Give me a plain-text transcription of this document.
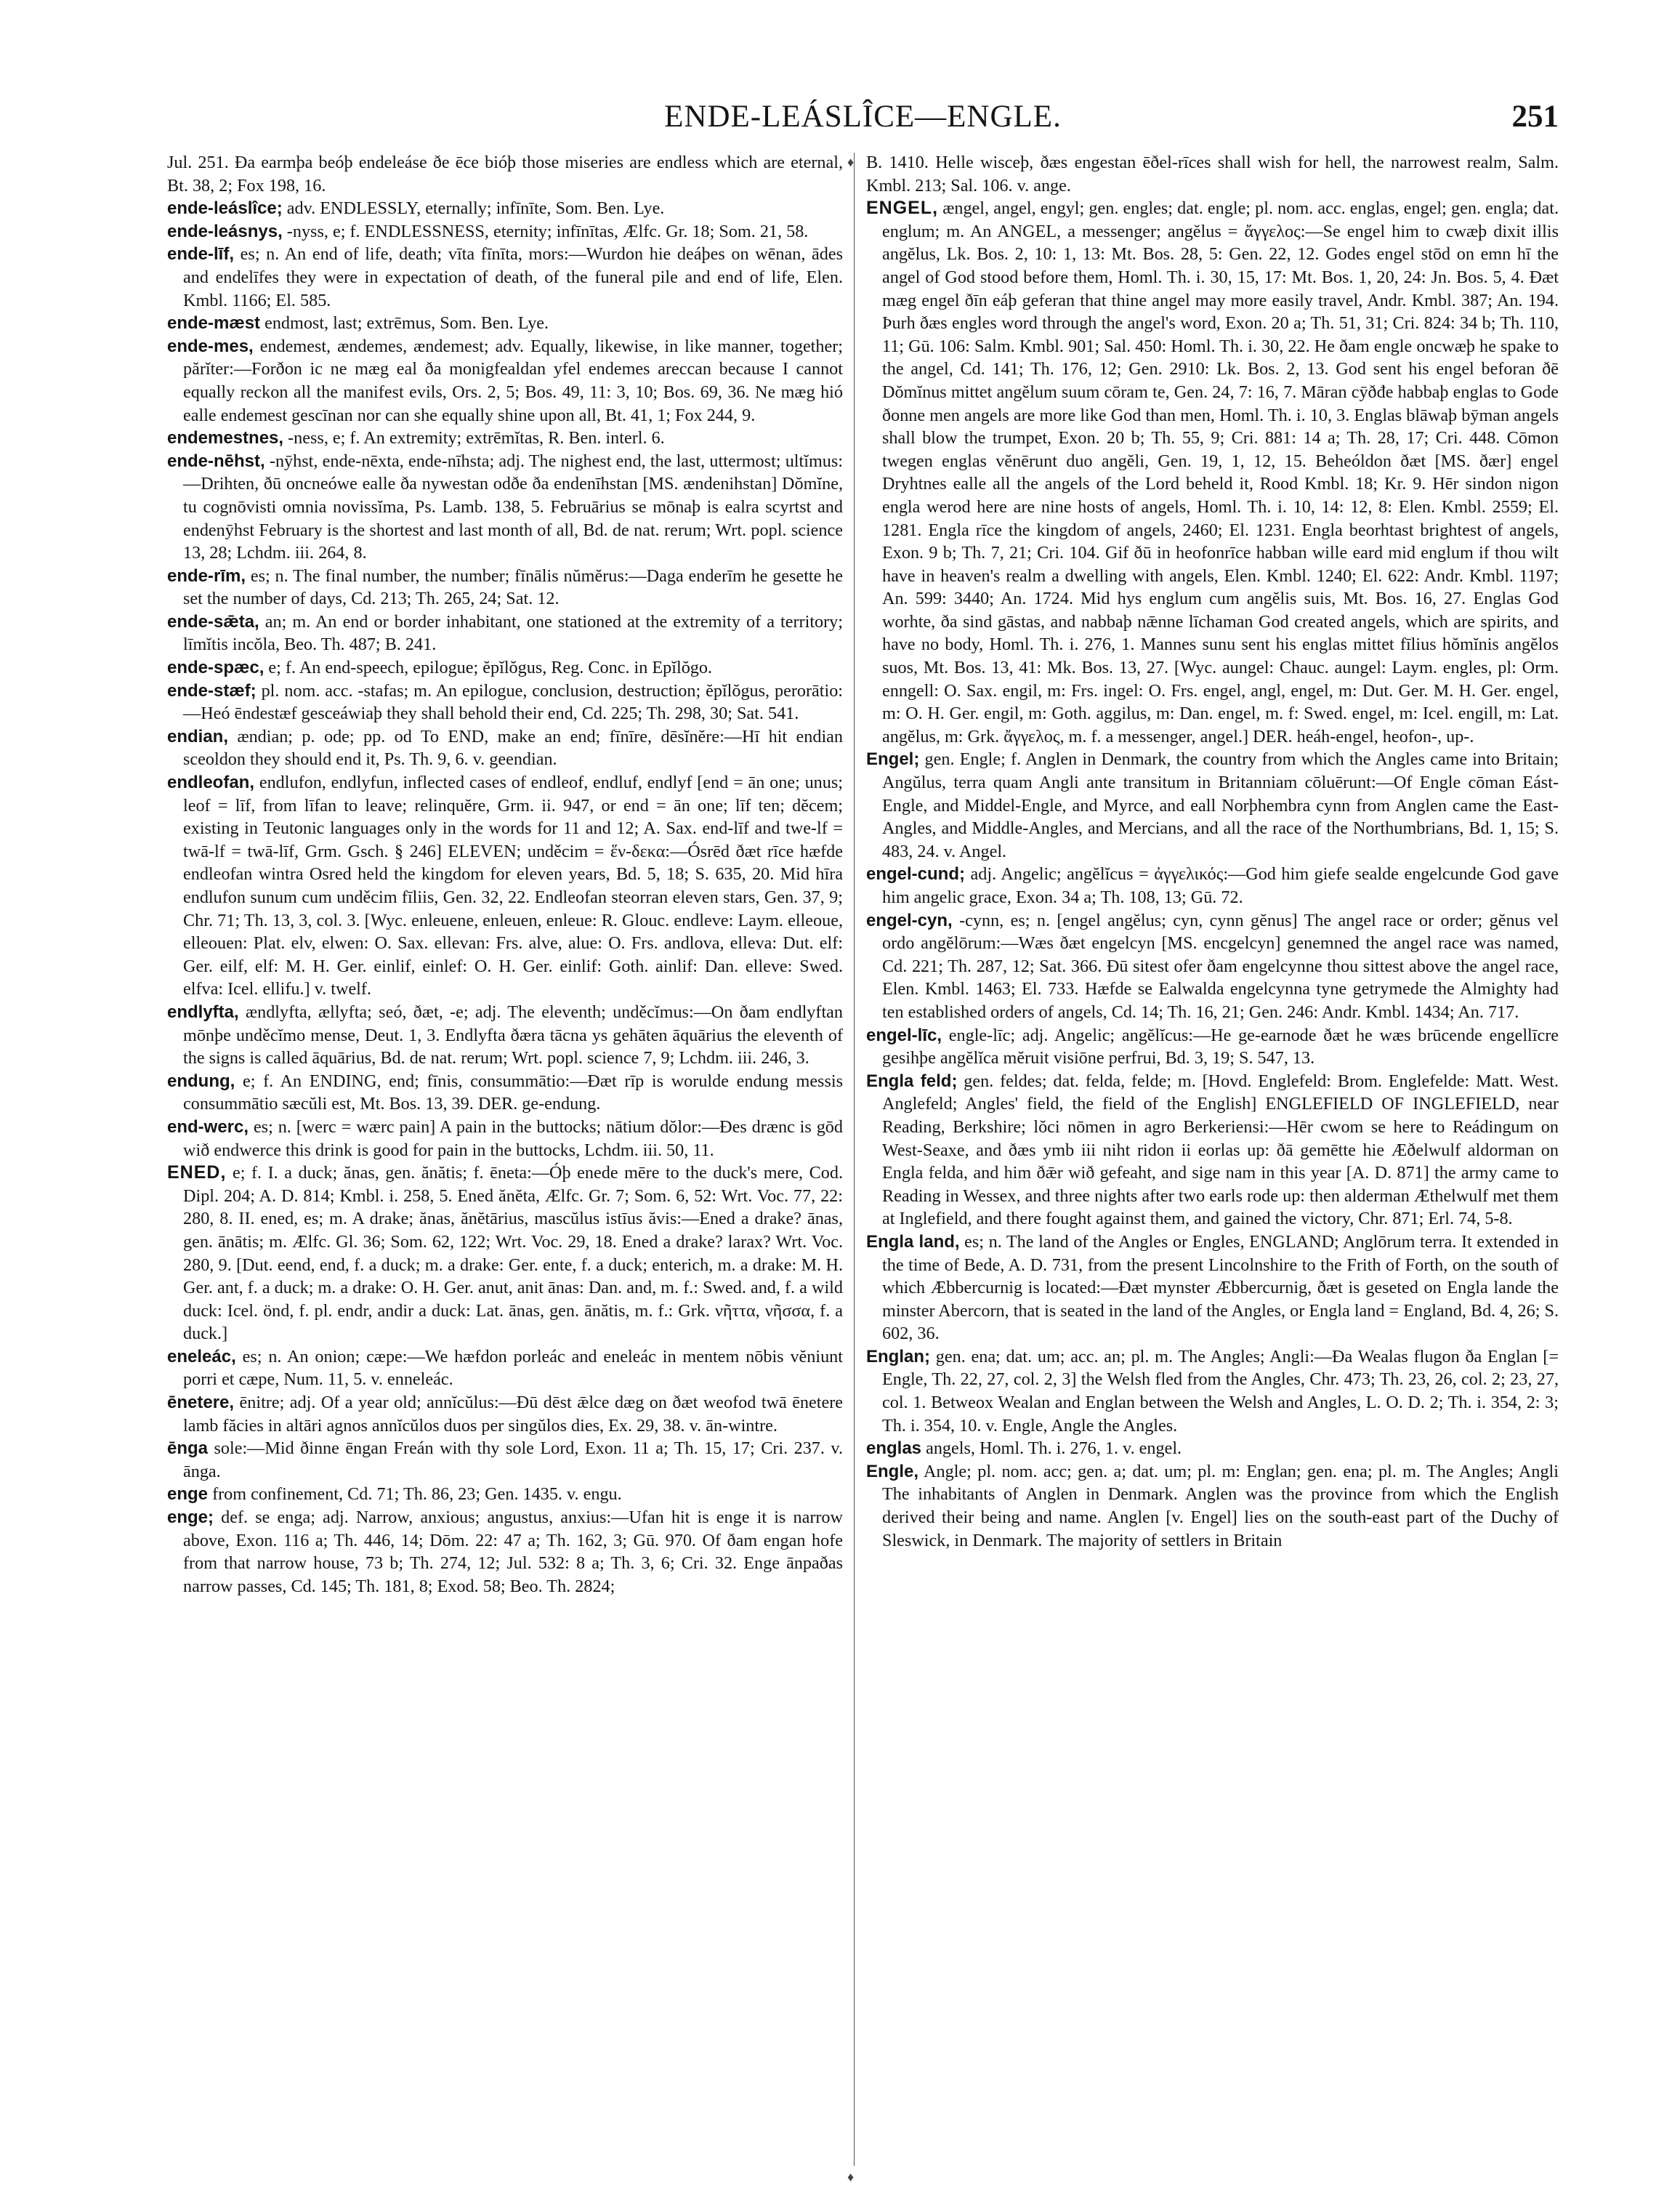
ENDE-LEÁSLÎCE—ENGLE.	251
♦
♦

Jul. 251. Ða earmþa beóþ endeleáse ðe ēce bióþ those miseries are endless which are eternal, Bt. 38, 2; Fox 198, 16.

ende-leáslîce; adv. ENDLESSLY, eternally; infīnīte, Som. Ben. Lye.

ende-leásnys, -nyss, e; f. ENDLESSNESS, eternity; infīnītas, Ælfc. Gr. 18; Som. 21, 58.

ende-līf, es; n. An end of life, death; vīta fīnīta, mors:—Wurdon hie deáþes on wēnan, ādes and endelīfes they were in expectation of death, of the funeral pile and end of life, Elen. Kmbl. 1166; El. 585.

ende-mæst endmost, last; extrēmus, Som. Ben. Lye.

ende-mes, endemest, ændemes, ændemest; adv. Equally, likewise, in like manner, together; părĭter:—Forðon ic ne mæg eal ða monigfealdan yfel endemes areccan because I cannot equally reckon all the manifest evils, Ors. 2, 5; Bos. 49, 11: 3, 10; Bos. 69, 36. Ne mæg hió ealle endemest gescīnan nor can she equally shine upon all, Bt. 41, 1; Fox 244, 9.

endemestnes, -ness, e; f. An extremity; extrēmĭtas, R. Ben. interl. 6.

ende-nēhst, -nȳhst, ende-nēxta, ende-nīhsta; adj. The nighest end, the last, uttermost; ultĭmus:—Drihten, ðū oncneówe ealle ða nywestan odðe ða endenīhstan [MS. ændenihstan] Dŏmĭne, tu cognōvisti omnia novissĭma, Ps. Lamb. 138, 5. Februārius se mōnaþ is ealra scyrtst and endenȳhst February is the shortest and last month of all, Bd. de nat. rerum; Wrt. popl. science 13, 28; Lchdm. iii. 264, 8.

ende-rīm, es; n. The final number, the number; fīnālis nŭmĕrus:—Daga enderīm he gesette he set the number of days, Cd. 213; Th. 265, 24; Sat. 12.

ende-sǣta, an; m. An end or border inhabitant, one stationed at the extremity of a territory; līmĭtis incŏla, Beo. Th. 487; B. 241.

ende-spæc, e; f. An end-speech, epilogue; ĕpĭlŏgus, Reg. Conc. in Epĭlŏgo.

ende-stæf; pl. nom. acc. -stafas; m. An epilogue, conclusion, destruction; ĕpĭlŏgus, perorātio:—Heó ēndestæf gesceáwiaþ they shall behold their end, Cd. 225; Th. 298, 30; Sat. 541.

endian, ændian; p. ode; pp. od To END, make an end; fīnīre, dēsĭnĕre:—Hī hit endian sceoldon they should end it, Ps. Th. 9, 6. v. geendian.

endleofan, endlufon, endlyfun, inflected cases of endleof, endluf, endlyf [end = ān one; unus; leof = līf, from līfan to leave; relinquĕre, Grm. ii. 947, or end = ān one; līf ten; dĕcem; existing in Teutonic languages only in the words for 11 and 12; A. Sax. end-līf and twe-lf = twā-lf = twā-līf, Grm. Gsch. § 246] ELEVEN; unděcim = ἕν-δεκα:—Ósrēd ðæt rīce hæfde endleofan wintra Osred held the kingdom for eleven years, Bd. 5, 18; S. 635, 20. Mid hīra endlufon sunum cum unděcim fīliis, Gen. 32, 22. Endleofan steorran eleven stars, Gen. 37, 9; Chr. 71; Th. 13, 3, col. 3. [Wyc. enleuene, enleuen, enleue: R. Glouc. endleve: Laym. elleoue, elleouen: Plat. elv, elwen: O. Sax. ellevan: Frs. alve, alue: O. Frs. andlova, elleva: Dut. elf: Ger. eilf, elf: M. H. Ger. einlif, einlef: O. H. Ger. einlif: Goth. ainlif: Dan. elleve: Swed. elfva: Icel. ellifu.] v. twelf.

endlyfta, ændlyfta, ællyfta; seó, ðæt, -e; adj. The eleventh; unděcĭmus:—On ðam endlyftan mōnþe unděcĭmo mense, Deut. 1, 3. Endlyfta ðæra tācna ys gehāten āquārius the eleventh of the signs is called āquārius, Bd. de nat. rerum; Wrt. popl. science 7, 9; Lchdm. iii. 246, 3.

endung, e; f. An ENDING, end; fīnis, consummātio:—Ðæt rīp is worulde endung messis consummātio sæcŭli est, Mt. Bos. 13, 39. DER. ge-endung.

end-werc, es; n. [werc = wærc pain] A pain in the buttocks; nātium dŏlor:—Ðes drænc is gōd wið endwerce this drink is good for pain in the buttocks, Lchdm. iii. 50, 11.

ENED, e; f. I. a duck; ănas, gen. ănătis; f. ēneta:—Óþ enede mēre to the duck's mere, Cod. Dipl. 204; A. D. 814; Kmbl. i. 258, 5. Ened ănĕta, Ælfc. Gr. 7; Som. 6, 52: Wrt. Voc. 77, 22: 280, 8. II. ened, es; m. A drake; ănas, ănĕtārius, mascŭlus istīus ăvis:—Ened a drake? ānas, gen. ānātis; m. Ælfc. Gl. 36; Som. 62, 122; Wrt. Voc. 29, 18. Ened a drake? larax? Wrt. Voc. 280, 9. [Dut. eend, end, f. a duck; m. a drake: Ger. ente, f. a duck; enterich, m. a drake: M. H. Ger. ant, f. a duck; m. a drake: O. H. Ger. anut, anit ānas: Dan. and, m. f.: Swed. and, f. a wild duck: Icel. önd, f. pl. endr, andir a duck: Lat. ānas, gen. ānătis, m. f.: Grk. νῆττα, νῆσσα, f. a duck.]

eneleác, es; n. An onion; cæpe:—We hæfdon porleác and eneleác in mentem nōbis vĕniunt porri et cæpe, Num. 11, 5. v. enneleác.

ēnetere, ēnitre; adj. Of a year old; annĭcŭlus:—Ðū dēst ǣlce dæg on ðæt weofod twā ēnetere lamb făcies in altāri agnos annĭcŭlos duos per singŭlos dies, Ex. 29, 38. v. ān-wintre.

ēnga sole:—Mid ðinne ēngan Freán with thy sole Lord, Exon. 11 a; Th. 15, 17; Cri. 237. v. ānga.

enge from confinement, Cd. 71; Th. 86, 23; Gen. 1435. v. engu.

enge; def. se enga; adj. Narrow, anxious; angustus, anxius:—Ufan hit is enge it is narrow above, Exon. 116 a; Th. 446, 14; Dōm. 22: 47 a; Th. 162, 3; Gū. 970. Of ðam engan hofe from that narrow house, 73 b; Th. 274, 12; Jul. 532: 8 a; Th. 3, 6; Cri. 32. Enge ānpaðas narrow passes, Cd. 145; Th. 181, 8; Exod. 58; Beo. Th. 2824;

B. 1410. Helle wisceþ, ðæs engestan ēðel-rīces shall wish for hell, the narrowest realm, Salm. Kmbl. 213; Sal. 106. v. ange.

ENGEL, ængel, angel, engyl; gen. engles; dat. engle; pl. nom. acc. englas, engel; gen. engla; dat. englum; m. An ANGEL, a messenger; angĕlus = ἄγγελος:—Se engel him to cwæþ dixit illis angĕlus, Lk. Bos. 2, 10: 1, 13: Mt. Bos. 28, 5: Gen. 22, 12. Godes engel stōd on emn hī the angel of God stood before them, Homl. Th. i. 30, 15, 17: Mt. Bos. 1, 20, 24: Jn. Bos. 5, 4. Ðæt mæg engel ðīn eáþ geferan that thine angel may more easily travel, Andr. Kmbl. 387; An. 194. Þurh ðæs engles word through the angel's word, Exon. 20 a; Th. 51, 31; Cri. 824: 34 b; Th. 110, 11; Gū. 106: Salm. Kmbl. 901; Sal. 450: Homl. Th. i. 30, 22. He ðam engle oncwæþ he spake to the angel, Cd. 141; Th. 176, 12; Gen. 2910: Lk. Bos. 2, 13. God sent his engel beforan ðē Dŏmĭnus mittet angĕlum suum cōram te, Gen. 24, 7: 16, 7. Māran cȳðđe habbaþ englas to Gode ðonne men angels are more like God than men, Homl. Th. i. 10, 3. Englas blāwaþ bȳman angels shall blow the trumpet, Exon. 20 b; Th. 55, 9; Cri. 881: 14 a; Th. 28, 17; Cri. 448. Cōmon twegen englas vĕnērunt duo angĕli, Gen. 19, 1, 12, 15. Beheóldon ðæt [MS. ðær] engel Dryhtnes ealle all the angels of the Lord beheld it, Rood Kmbl. 18; Kr. 9. Hēr sindon nigon engla werod here are nine hosts of angels, Homl. Th. i. 10, 14: 12, 8: Elen. Kmbl. 2559; El. 1281. Engla rīce the kingdom of angels, 2460; El. 1231. Engla beorhtast brightest of angels, Exon. 9 b; Th. 7, 21; Cri. 104. Gif ðū in heofonrīce habban wille eard mid englum if thou wilt have in heaven's realm a dwelling with angels, Elen. Kmbl. 1240; El. 622: Andr. Kmbl. 1197; An. 599: 3440; An. 1724. Mid hys englum cum angĕlis suis, Mt. Bos. 16, 27. Englas God worhte, ða sind gāstas, and nabbaþ nǣnne līchaman God created angels, which are spirits, and have no body, Homl. Th. i. 276, 1. Mannes sunu sent his englas mittet fīlius hŏmĭnis angĕlos suos, Mt. Bos. 13, 41: Mk. Bos. 13, 27. [Wyc. aungel: Chauc. aungel: Laym. engles, pl: Orm. enngell: O. Sax. engil, m: Frs. ingel: O. Frs. engel, angl, engel, m: Dut. Ger. M. H. Ger. engel, m: O. H. Ger. engil, m: Goth. aggilus, m: Dan. engel, m. f: Swed. engel, m: Icel. engill, m: Lat. angĕlus, m: Grk. ἄγγελος, m. f. a messenger, angel.] DER. heáh-engel, heofon-, up-.

Engel; gen. Engle; f. Anglen in Denmark, the country from which the Angles came into Britain; Angŭlus, terra quam Angli ante transitum in Britanniam cōluērunt:—Of Engle cōman Eást-Engle, and Middel-Engle, and Myrce, and eall Norþhembra cynn from Anglen came the East-Angles, and Middle-Angles, and Mercians, and all the race of the Northumbrians, Bd. 1, 15; S. 483, 24. v. Angel.

engel-cund; adj. Angelic; angĕlĭcus = ἀγγελικός:—God him giefe sealde engelcunde God gave him angelic grace, Exon. 34 a; Th. 108, 13; Gū. 72.

engel-cyn, -cynn, es; n. [engel angĕlus; cyn, cynn gĕnus] The angel race or order; gĕnus vel ordo angĕlōrum:—Wæs ðæt engelcyn [MS. encgelcyn] genemned the angel race was named, Cd. 221; Th. 287, 12; Sat. 366. Ðū sitest ofer ðam engelcynne thou sittest above the angel race, Elen. Kmbl. 1463; El. 733. Hæfde se Ealwalda engelcynna tyne getrymede the Almighty had ten established orders of angels, Cd. 14; Th. 16, 21; Gen. 246: Andr. Kmbl. 1434; An. 717.

engel-līc, engle-līc; adj. Angelic; angĕlĭcus:—He ge-earnode ðæt he wæs brūcende engellīcre gesihþe angĕlĭca mĕruit visiōne perfrui, Bd. 3, 19; S. 547, 13.

Engla feld; gen. feldes; dat. felda, felde; m. [Hovd. Englefeld: Brom. Englefelde: Matt. West. Anglefeld; Angles' field, the field of the English] ENGLEFIELD OF INGLEFIELD, near Reading, Berkshire; lŏci nōmen in agro Berkeriensi:—Hēr cwom se here to Reádingum on West-Seaxe, and ðæs ymb iii niht ridon ii eorlas up: ðā gemētte hie Æðelwulf aldorman on Engla felda, and him ðǣr wið gefeaht, and sige nam in this year [A. D. 871] the army came to Reading in Wessex, and three nights after two earls rode up: then alderman Æthelwulf met them at Inglefield, and there fought against them, and gained the victory, Chr. 871; Erl. 74, 5-8.

Engla land, es; n. The land of the Angles or Engles, ENGLAND; Anglōrum terra. It extended in the time of Bede, A. D. 731, from the present Lincolnshire to the Frith of Forth, on the south of which Æbbercurnig is located:—Ðæt mynster Æbbercurnig, ðæt is geseted on Engla lande the minster Abercorn, that is seated in the land of the Angles, or Engla land = England, Bd. 4, 26; S. 602, 36.

Englan; gen. ena; dat. um; acc. an; pl. m. The Angles; Angli:—Ða Wealas flugon ða Englan [= Engle, Th. 22, 27, col. 2, 3] the Welsh fled from the Angles, Chr. 473; Th. 23, 26, col. 2; 23, 27, col. 1. Betweox Wealan and Englan between the Welsh and Angles, L. O. D. 2; Th. i. 354, 2: 3; Th. i. 354, 10. v. Engle, Angle the Angles.

englas angels, Homl. Th. i. 276, 1. v. engel.

Engle, Angle; pl. nom. acc; gen. a; dat. um; pl. m: Englan; gen. ena; pl. m. The Angles; Angli The inhabitants of Anglen in Denmark. Anglen was the province from which the English derived their being and name. Anglen [v. Engel] lies on the south-east part of the Duchy of Sleswick, in Denmark. The majority of settlers in Britain
